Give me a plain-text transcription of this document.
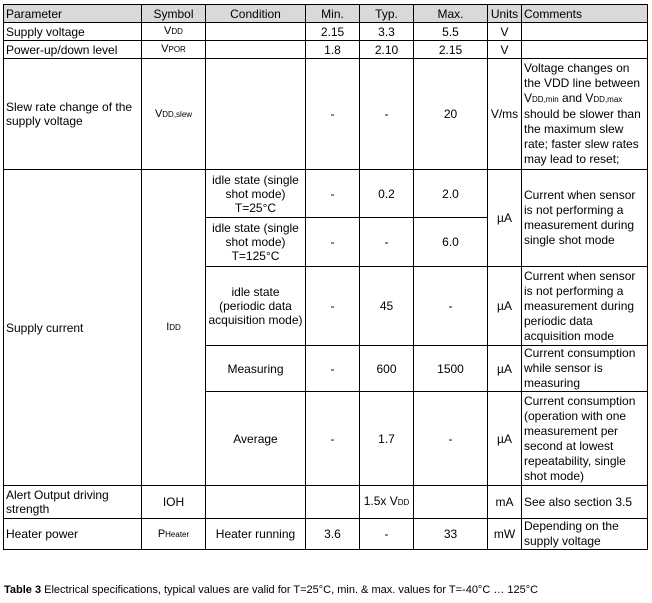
Parameter	Symbol	Condition	Min.	Typ.	Max.	Units	Comments
Supply voltage	VDD		2.15	3.3	5.5	V	
Power-up/down level	VPOR		1.8	2.10	2.15	V	
Slew rate change of the supply voltage	VDD,slew		-	-	20	V/ms	Voltage changes on the VDD line between VDD,min and VDD,max should be slower than the maximum slew rate; faster slew rates may lead to reset;
Supply current	IDD	idle state (single shot mode) T=25°C	-	0.2	2.0	µA	Current when sensor is not performing a measurement during single shot mode
		idle state (single shot mode) T=125°C	-	-	6.0		
		idle state (periodic data acquisition mode)	-	45	-	µA	Current when sensor is not performing a measurement during periodic data acquisition mode
		Measuring	-	600	1500	µA	Current consumption while sensor is measuring
		Average	-	1.7	-	µA	Current consumption (operation with one measurement per second at lowest repeatability, single shot mode)

Alert Output driving strength	IOH			1.5x VDD		mA	See also section 3.5
Heater power	PHeater	Heater running	3.6	-	33	mW	Depending on the supply voltage
Table 3 Electrical specifications, typical values are valid for T=25°C, min. & max. values for T=-40°C … 125°C
